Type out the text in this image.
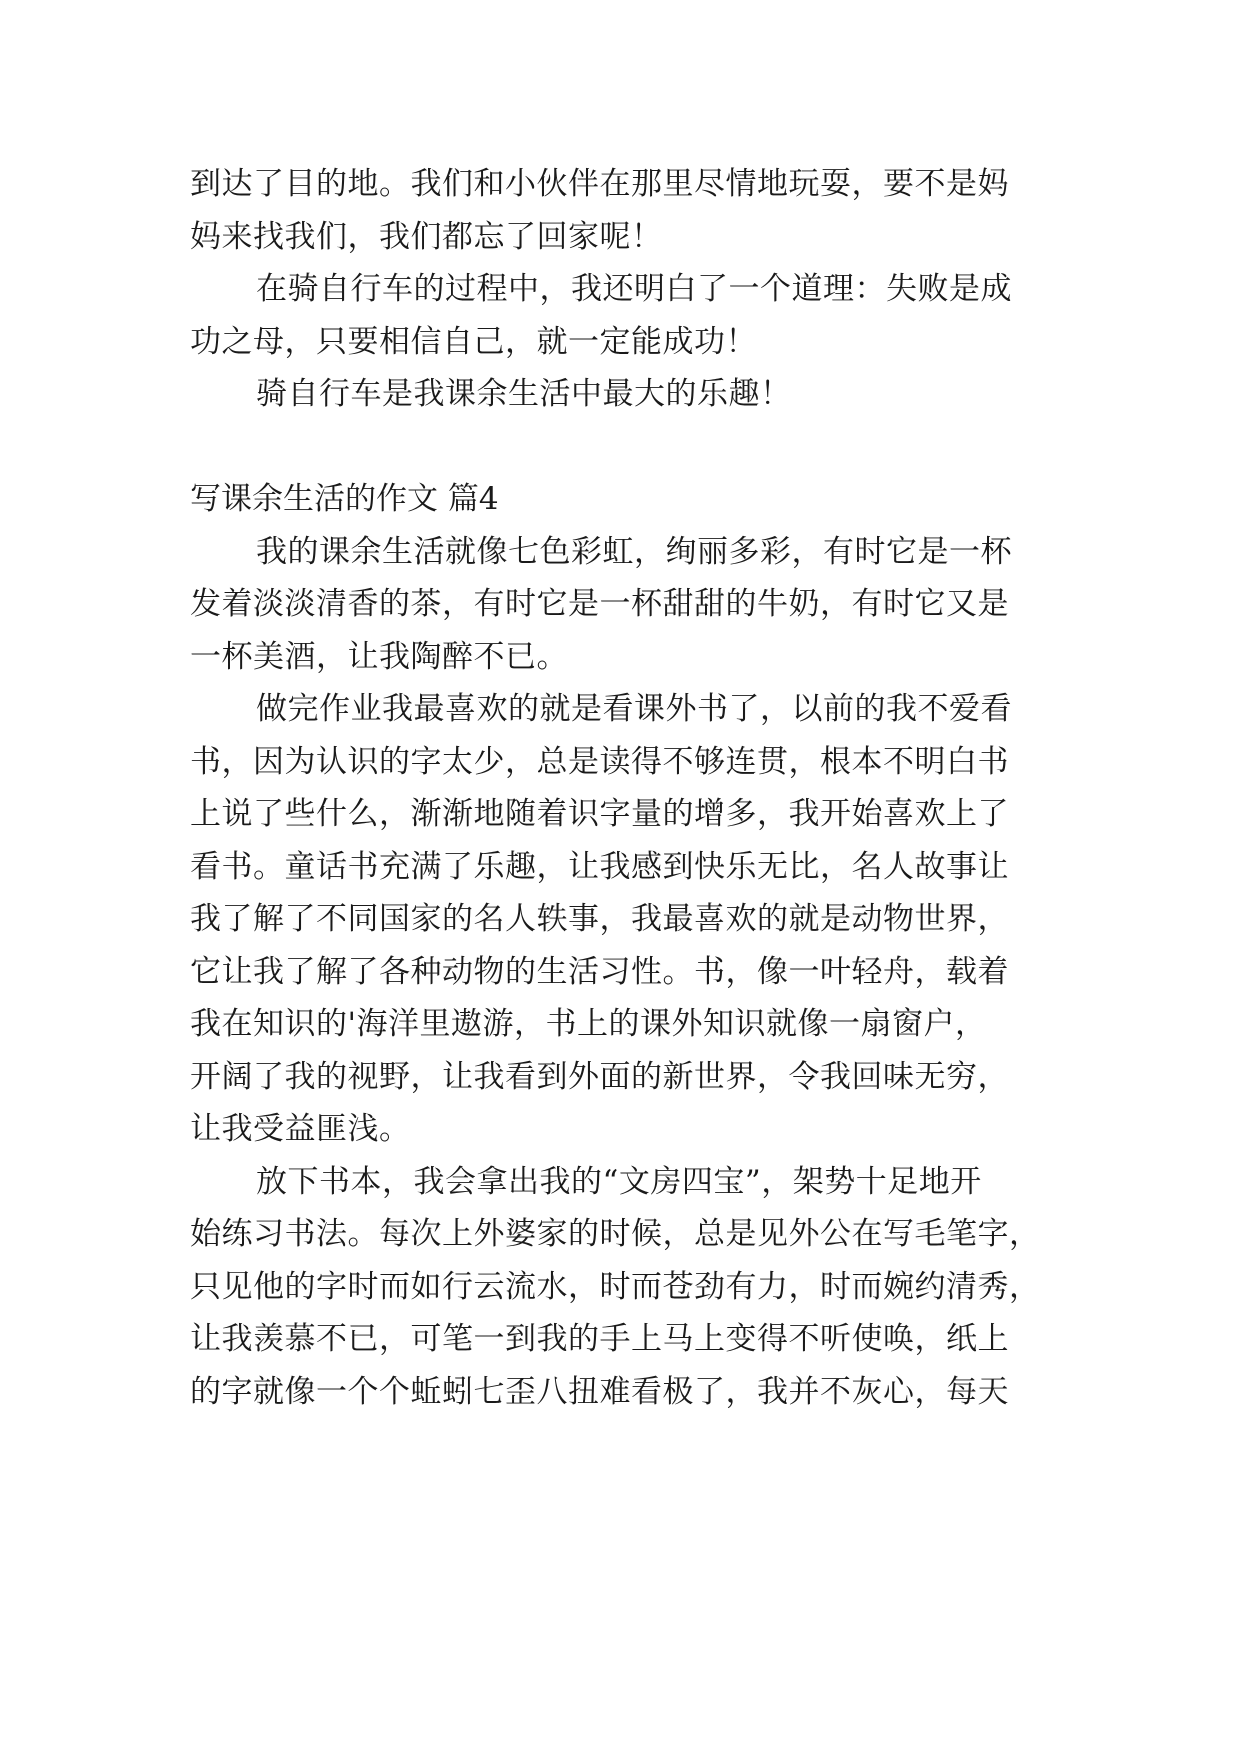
到达了目的地。我们和小伙伴在那里尽情地玩耍，要不是妈
妈来找我们，我们都忘了回家呢！
在骑自行车的过程中，我还明白了一个道理：失败是成
功之母，只要相信自己，就一定能成功！
骑自行车是我课余生活中最大的乐趣！
写课余生活的作文 篇4
我的课余生活就像七色彩虹，绚丽多彩，有时它是一杯
发着淡淡清香的茶，有时它是一杯甜甜的牛奶，有时它又是
一杯美酒，让我陶醉不已。
做完作业我最喜欢的就是看课外书了，以前的我不爱看
书，因为认识的字太少，总是读得不够连贯，根本不明白书
上说了些什么，渐渐地随着识字量的增多，我开始喜欢上了
看书。童话书充满了乐趣，让我感到快乐无比，名人故事让
我了解了不同国家的名人轶事，我最喜欢的就是动物世界，
它让我了解了各种动物的生活习性。书，像一叶轻舟，载着
我在知识的'海洋里遨游，书上的课外知识就像一扇窗户，
开阔了我的视野，让我看到外面的新世界，令我回味无穷，
让我受益匪浅。
放下书本，我会拿出我的“文房四宝”，架势十足地开
始练习书法。每次上外婆家的时候，总是见外公在写毛笔字，
只见他的字时而如行云流水，时而苍劲有力，时而婉约清秀，
让我羡慕不已，可笔一到我的手上马上变得不听使唤，纸上
的字就像一个个蚯蚓七歪八扭难看极了，我并不灰心，每天
